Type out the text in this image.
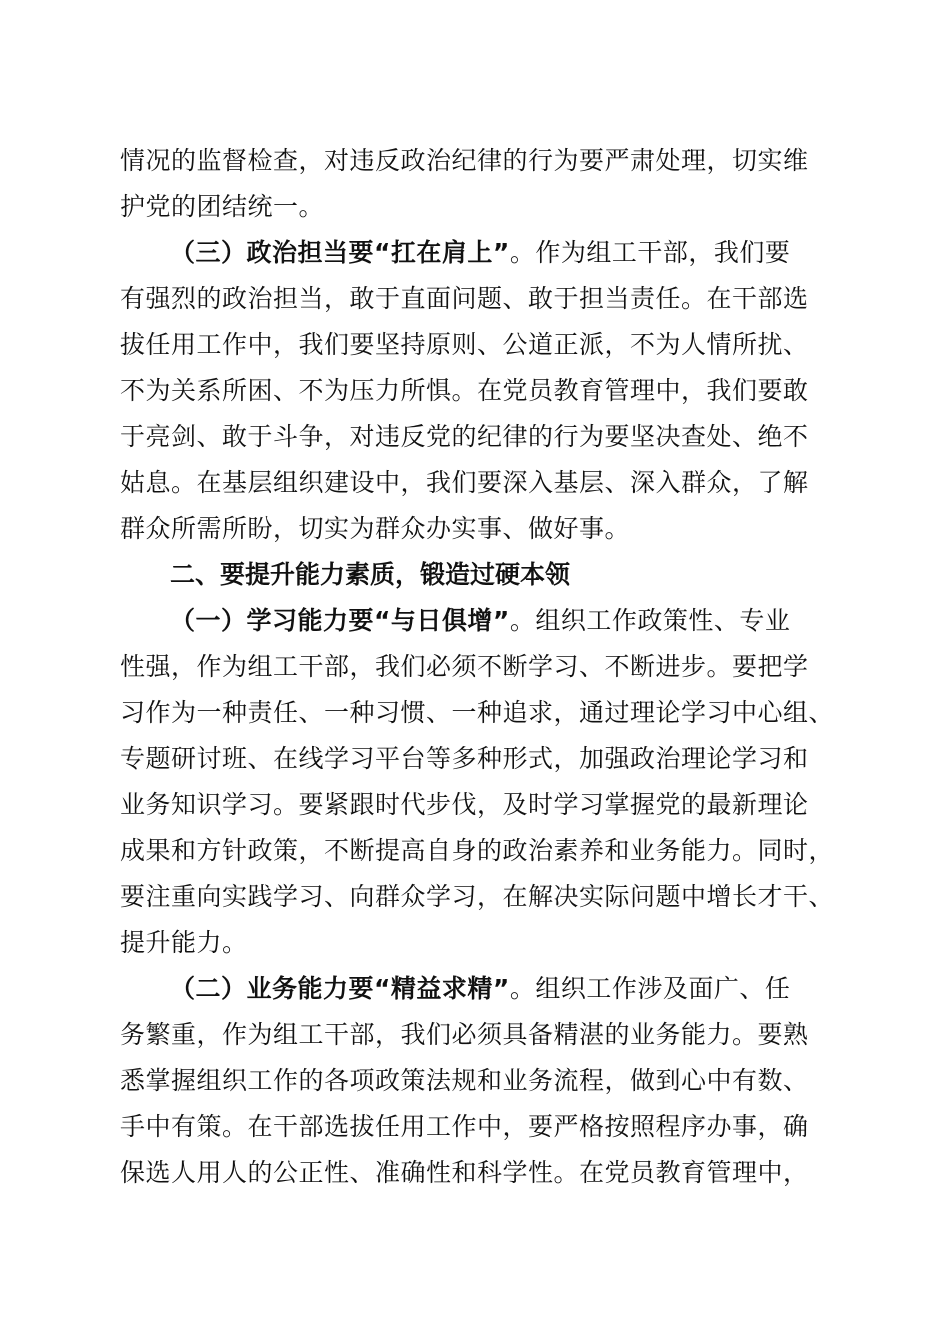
情况的监督检查，对违反政治纪律的行为要严肃处理，切实维
护党的团结统一。
（三）政治担当要“扛在肩上”。作为组工干部，我们要
有强烈的政治担当，敢于直面问题、敢于担当责任。在干部选
拔任用工作中，我们要坚持原则、公道正派，不为人情所扰、
不为关系所困、不为压力所惧。在党员教育管理中，我们要敢
于亮剑、敢于斗争，对违反党的纪律的行为要坚决查处、绝不
姑息。在基层组织建设中，我们要深入基层、深入群众，了解
群众所需所盼，切实为群众办实事、做好事。
二、要提升能力素质，锻造过硬本领
（一）学习能力要“与日俱增”。组织工作政策性、专业
性强，作为组工干部，我们必须不断学习、不断进步。要把学
习作为一种责任、一种习惯、一种追求，通过理论学习中心组、
专题研讨班、在线学习平台等多种形式，加强政治理论学习和
业务知识学习。要紧跟时代步伐，及时学习掌握党的最新理论
成果和方针政策，不断提高自身的政治素养和业务能力。同时，
要注重向实践学习、向群众学习，在解决实际问题中增长才干、
提升能力。
（二）业务能力要“精益求精”。组织工作涉及面广、任
务繁重，作为组工干部，我们必须具备精湛的业务能力。要熟
悉掌握组织工作的各项政策法规和业务流程，做到心中有数、
手中有策。在干部选拔任用工作中，要严格按照程序办事，确
保选人用人的公正性、准确性和科学性。在党员教育管理中，
